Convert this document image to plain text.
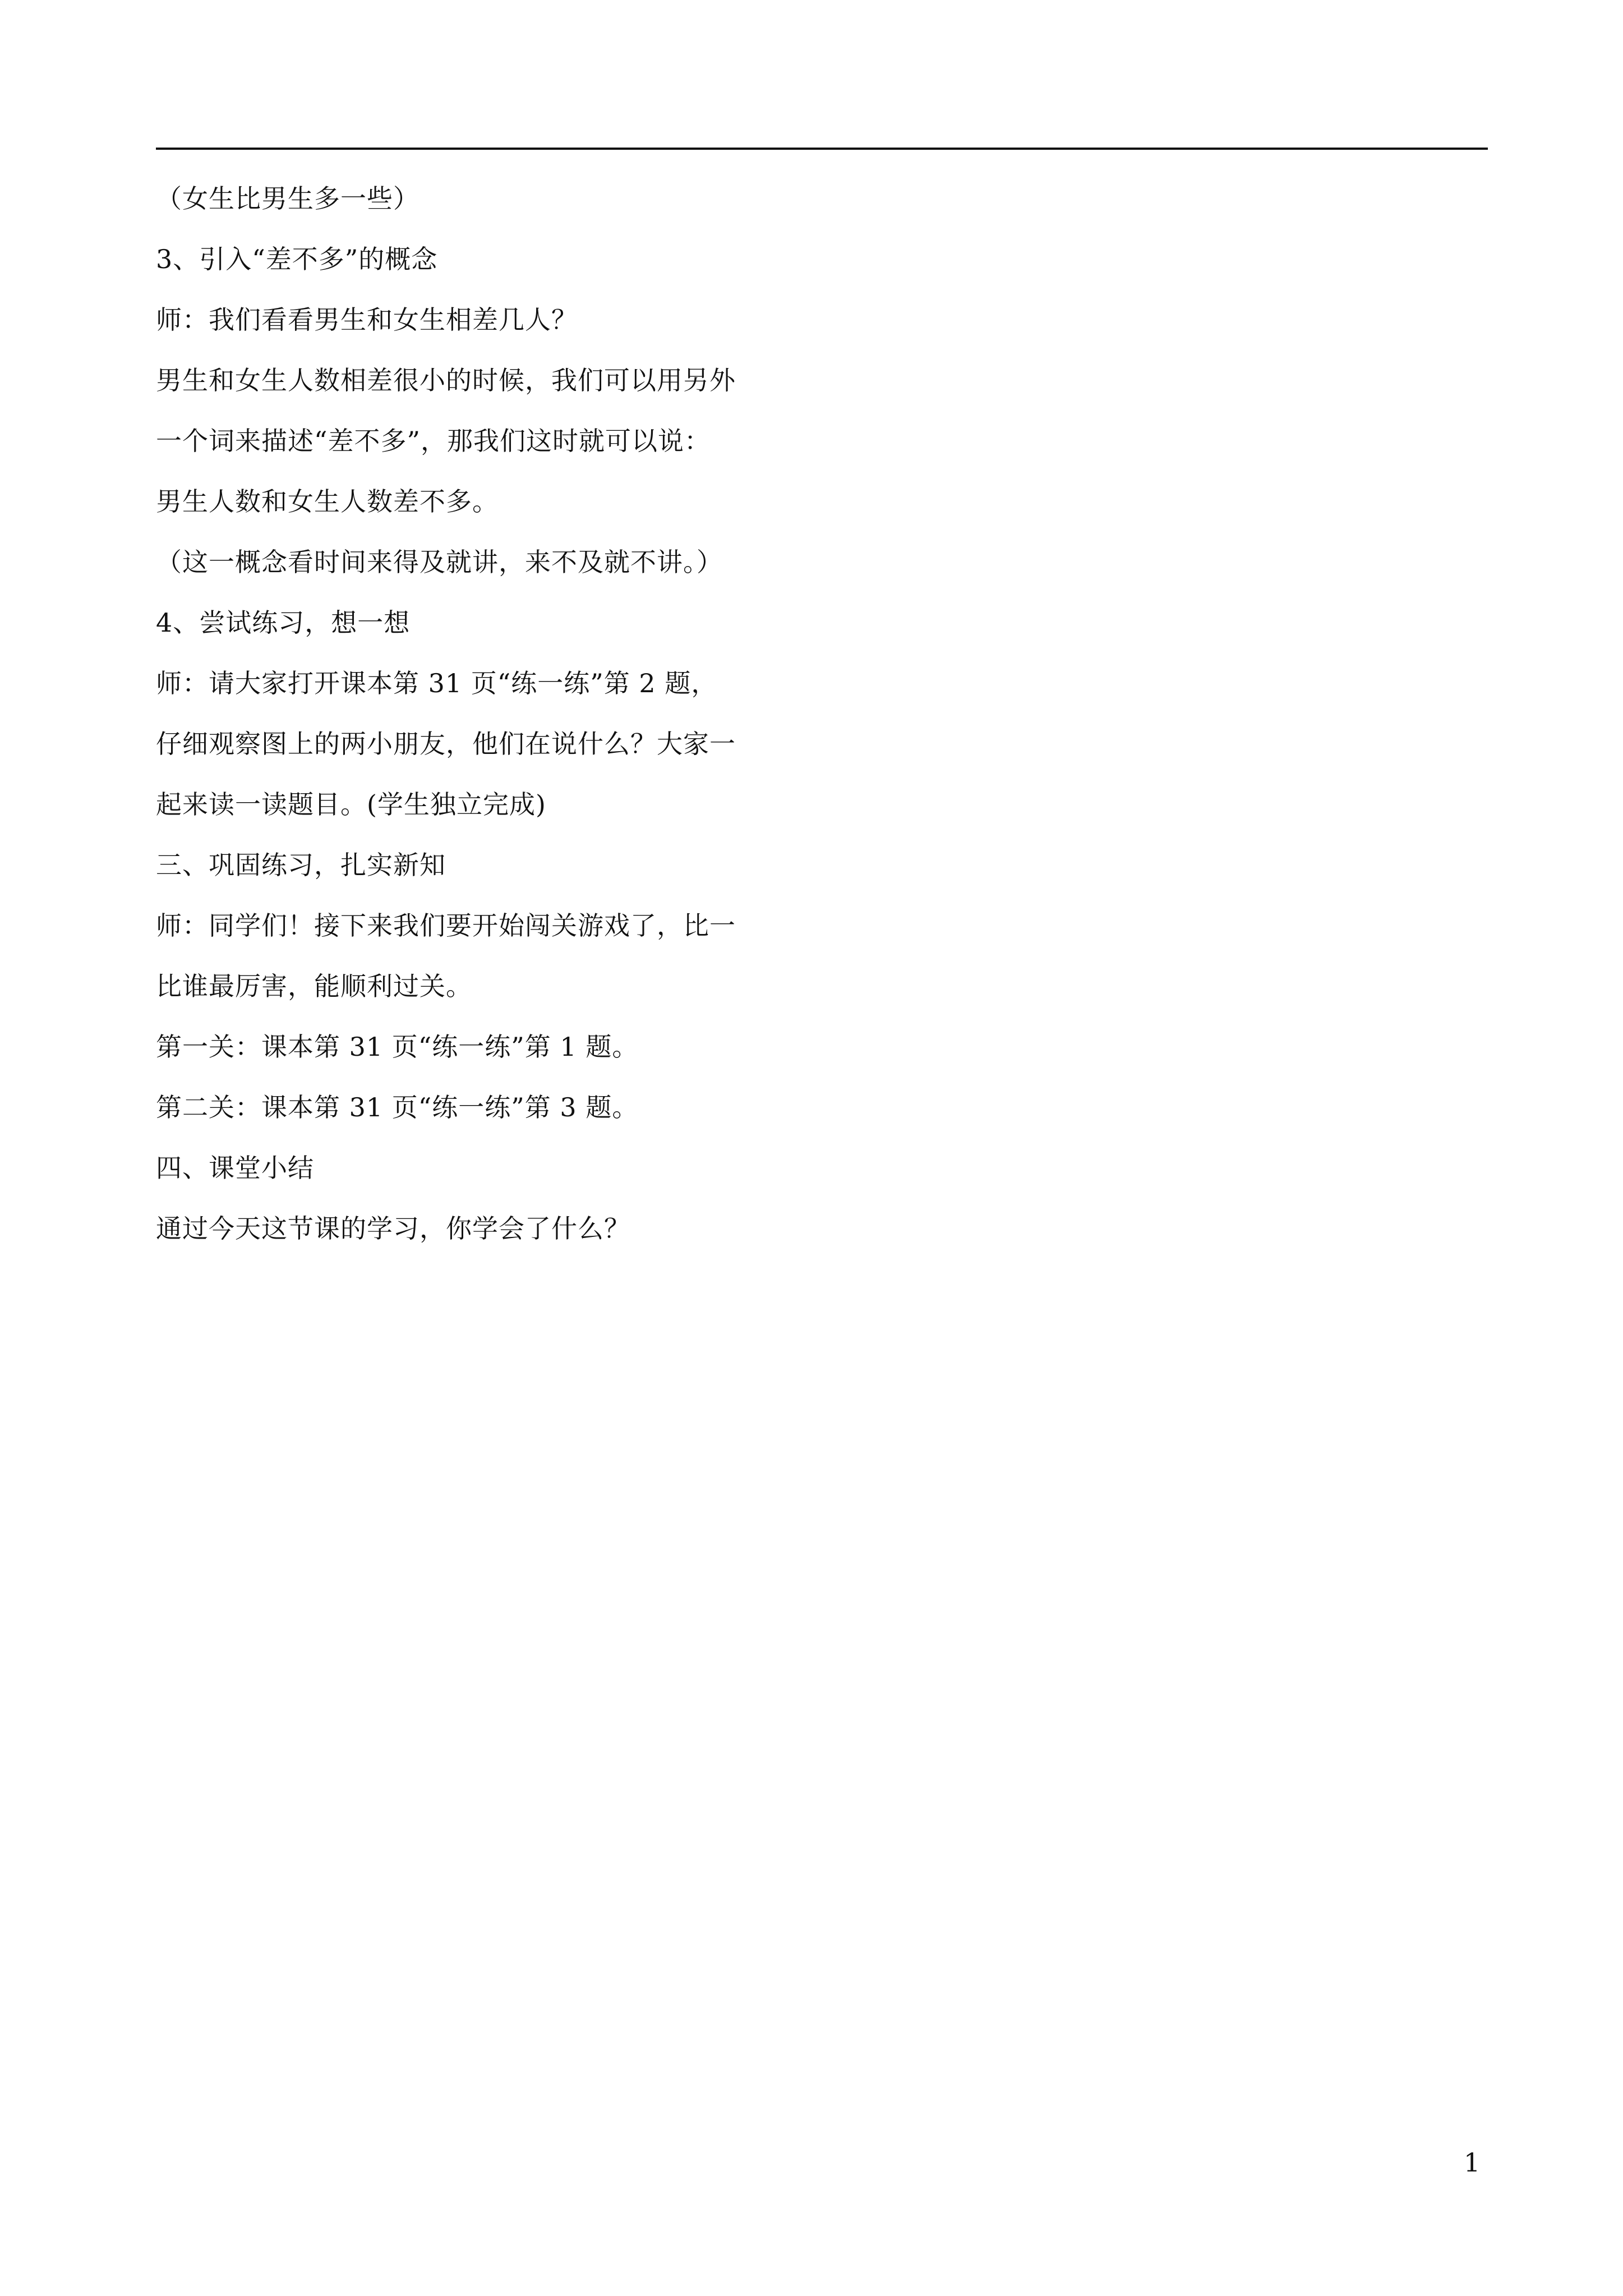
（女生比男生多一些）
3、引入“差不多”的概念
师：我们看看男生和女生相差几人？
男生和女生人数相差很小的时候，我们可以用另外
一个词来描述“差不多”，那我们这时就可以说：
男生人数和女生人数差不多。
（这一概念看时间来得及就讲，来不及就不讲。）
4、尝试练习，想一想
师：请大家打开课本第 31 页“练一练”第 2 题，
仔细观察图上的两小朋友，他们在说什么？大家一
起来读一读题目。(学生独立完成)
三、巩固练习，扎实新知
师：同学们！接下来我们要开始闯关游戏了，比一
比谁最厉害，能顺利过关。
第一关：课本第 31 页“练一练”第 1 题。
第二关：课本第 31 页“练一练”第 3 题。
四、课堂小结
通过今天这节课的学习，你学会了什么？
1
